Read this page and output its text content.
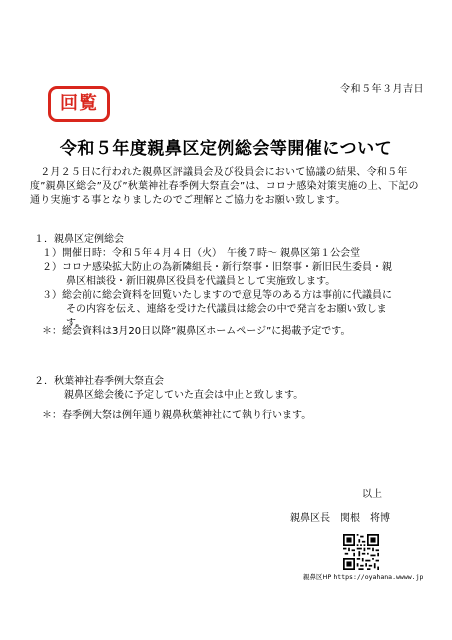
令和５年３月吉日
回覧
令和５年度親鼻区定例総会等開催について
　２月２５日に行われた親鼻区評議員会及び役員会において協議の結果、令和５年度”親鼻区総会”及び”秋葉神社春季例大祭直会”は、コロナ感染対策実施の上、下記の通り実施する事となりましたのでご理解とご協力をお願い致します。
１．親鼻区定例総会
１）開催日時：令和５年４月４日（火）　午後７時～ 親鼻区第１公会堂
２）コロナ感染拡大防止の為新隣組長・新行祭事・旧祭事・新旧民生委員・親鼻区相談役・新旧親鼻区役員を代議員として実施致します。
３）総会前に総会資料を回覧いたしますので意見等のある方は事前に代議員にその内容を伝え、連絡を受けた代議員は総会の中で発言をお願い致します。
＊：総会資料は3月20日以降”親鼻区ホームページ”に掲載予定です。
２．秋葉神社春季例大祭直会
親鼻区総会後に予定していた直会は中止と致します。
＊：春季例大祭は例年通り親鼻秋葉神社にて執り行います。
以上
親鼻区長　関根　将博
親鼻区HP https://oyahana.wwww.jp
